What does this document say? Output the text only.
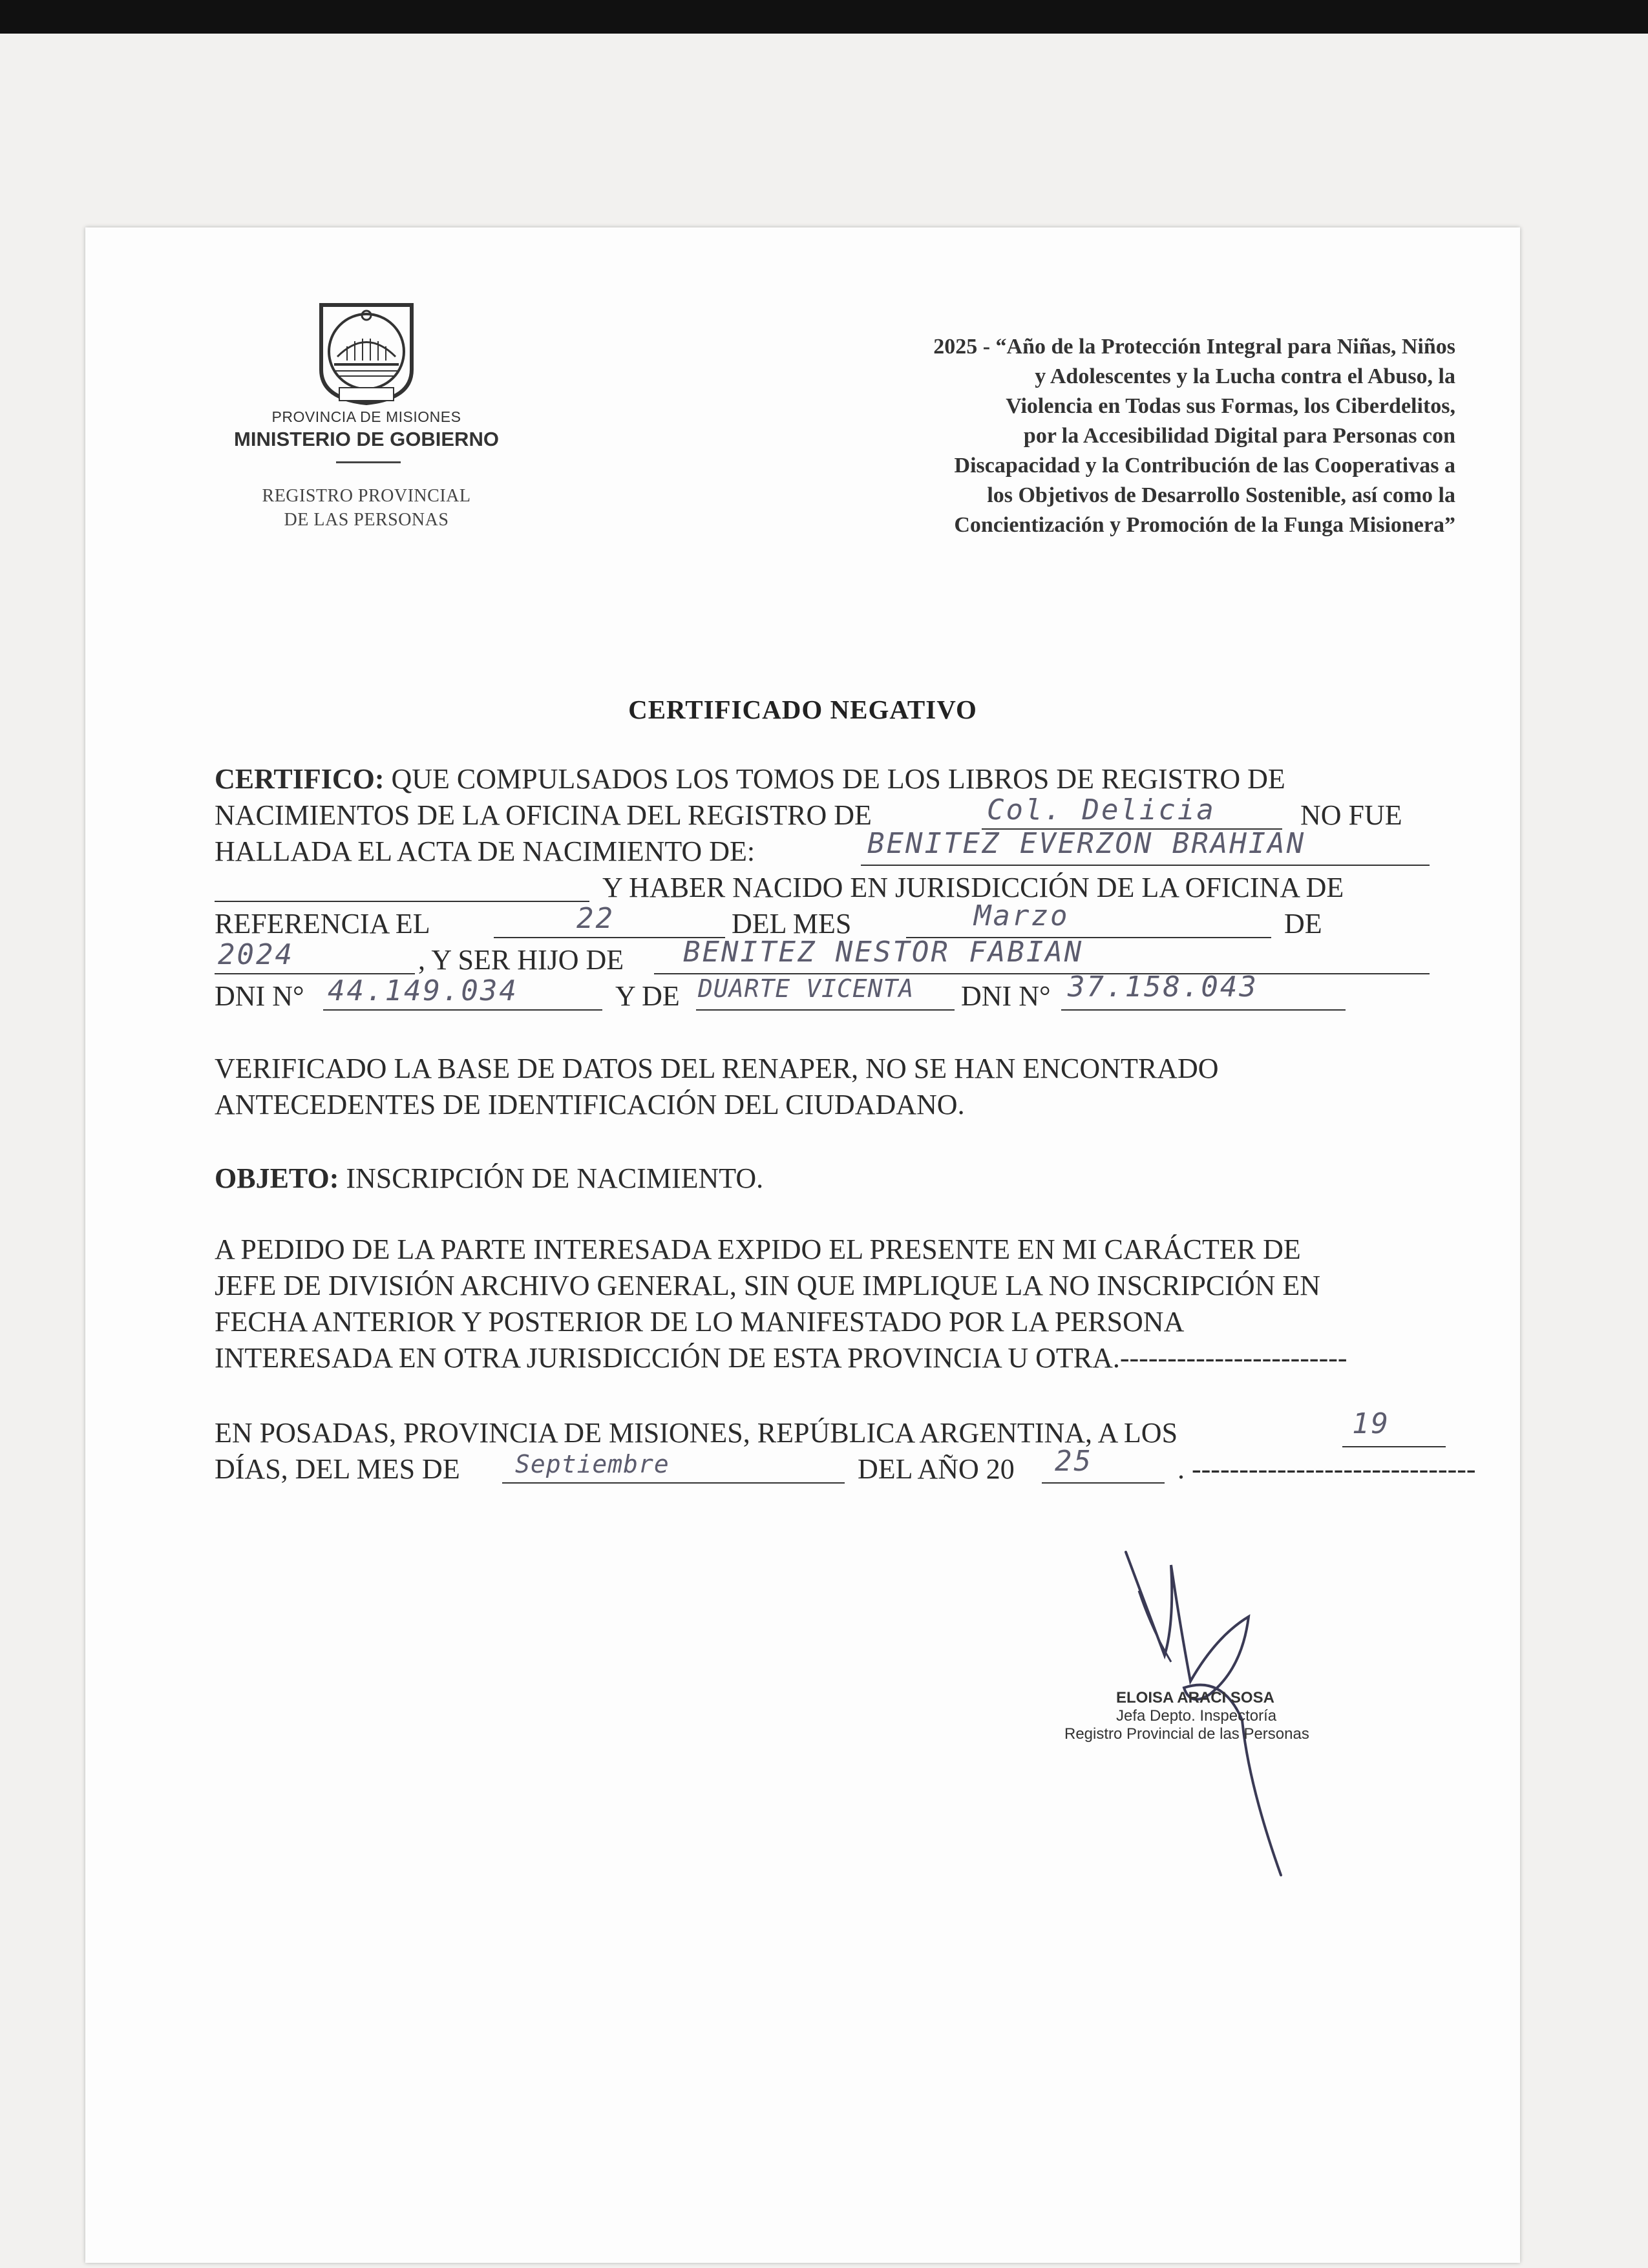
PROVINCIA DE MISIONES
MINISTERIO DE GOBIERNO
REGISTRO PROVINCIAL
DE LAS PERSONAS
2025 - “Año de la Protección Integral para Niñas, Niños
y Adolescentes y la Lucha contra el Abuso, la
Violencia en Todas sus Formas, los Ciberdelitos,
por la Accesibilidad Digital para Personas con
Discapacidad y la Contribución de las Cooperativas a
los Objetivos de Desarrollo Sostenible, así como la
Concientización y Promoción de la Funga Misionera”
CERTIFICADO NEGATIVO
CERTIFICO: QUE COMPULSADOS LOS TOMOS DE LOS LIBROS DE REGISTRO DE
NACIMIENTOS DE LA OFICINA DEL REGISTRO DE	Col. Delicia	NO FUE
HALLADA EL ACTA DE NACIMIENTO DE:	BENITEZ EVERZON BRAHIAN
Y HABER NACIDO EN JURISDICCIÓN DE LA OFICINA DE
REFERENCIA EL	22	DEL MES	Marzo	DE
2024	, Y SER HIJO DE BENITEZ NESTOR FABIAN
DNI N° 44.149.034	Y DE DUARTE VICENTA DNI N° 37.158.043
VERIFICADO LA BASE DE DATOS DEL RENAPER, NO SE HAN ENCONTRADO
ANTECEDENTES DE IDENTIFICACIÓN DEL CIUDADANO.
OBJETO: INSCRIPCIÓN DE NACIMIENTO.
A PEDIDO DE LA PARTE INTERESADA EXPIDO EL PRESENTE EN MI CARÁCTER DE
JEFE DE DIVISIÓN ARCHIVO GENERAL, SIN QUE IMPLIQUE LA NO INSCRIPCIÓN EN
FECHA ANTERIOR Y POSTERIOR DE LO MANIFESTADO POR LA PERSONA
INTERESADA EN OTRA JURISDICCIÓN DE ESTA PROVINCIA U OTRA.------------------------
EN POSADAS, PROVINCIA DE MISIONES, REPÚBLICA ARGENTINA, A LOS	19
DÍAS, DEL MES DE Septiembre	DEL AÑO 20 25	. ------------------------------
ELOISA ARACI SOSA
Jefa Depto. Inspectoría
Registro Provincial de las Personas
